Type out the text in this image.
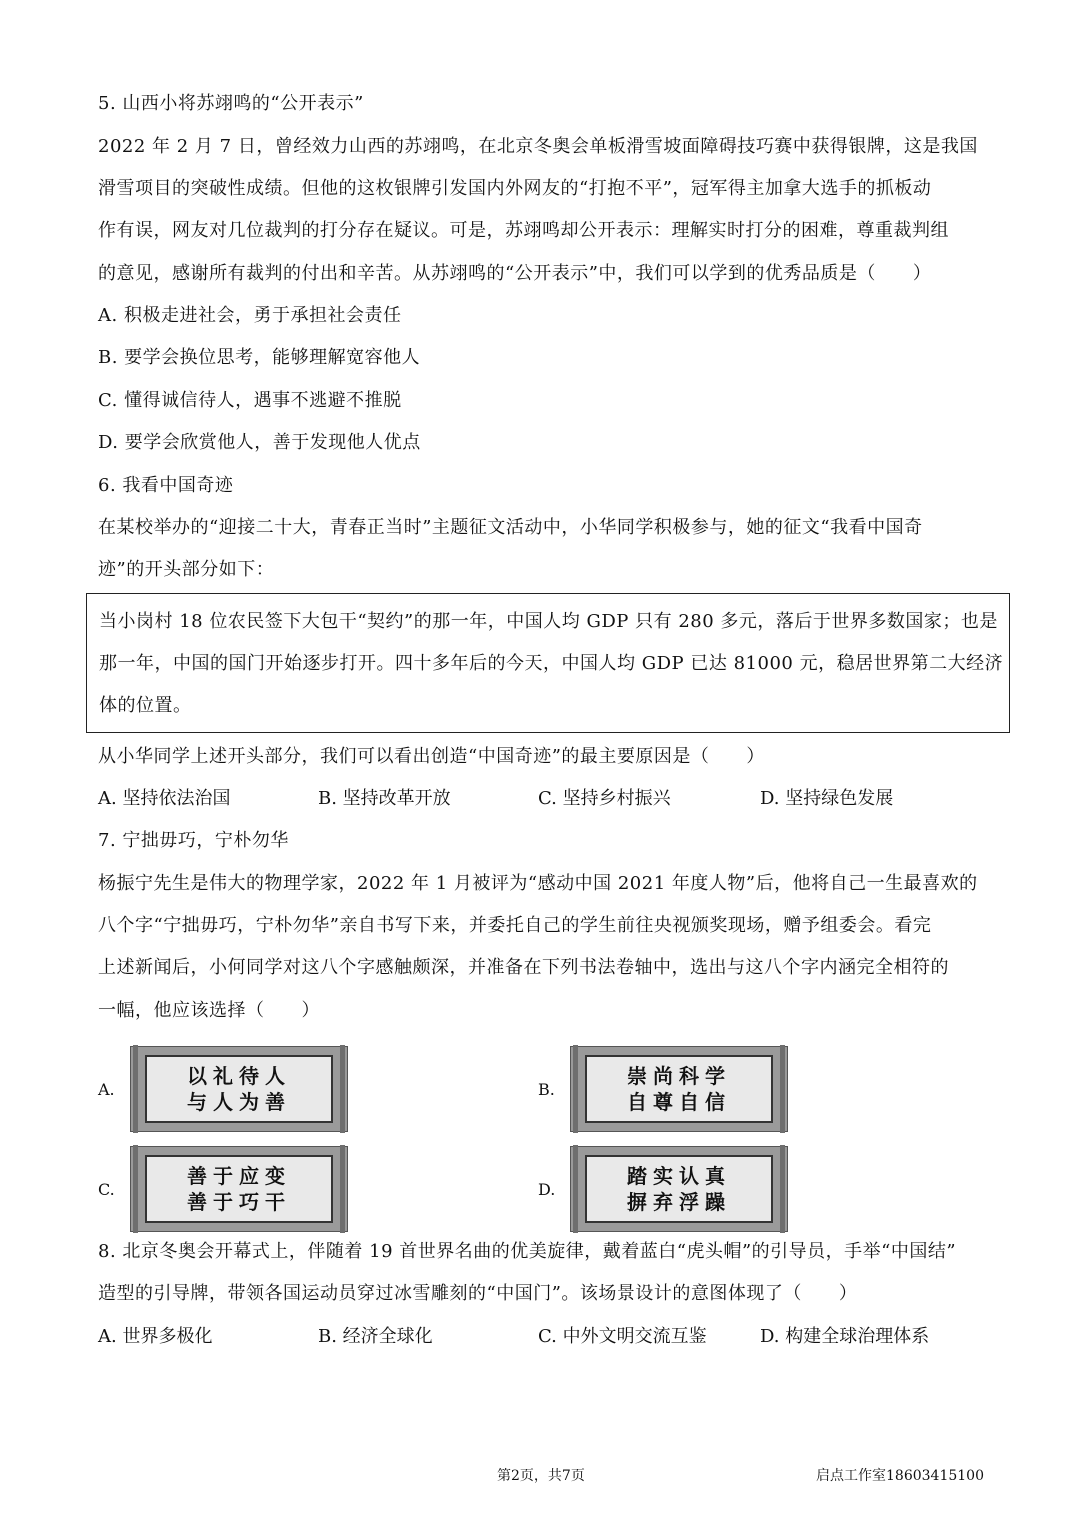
5. 山西小将苏翊鸣的“公开表示”
2022 年 2 月 7 日，曾经效力山西的苏翊鸣，在北京冬奥会单板滑雪坡面障碍技巧赛中获得银牌，这是我国
滑雪项目的突破性成绩。但他的这枚银牌引发国内外网友的“打抱不平”，冠军得主加拿大选手的抓板动
作有误，网友对几位裁判的打分存在疑议。可是，苏翊鸣却公开表示：理解实时打分的困难，尊重裁判组
的意见，感谢所有裁判的付出和辛苦。从苏翊鸣的“公开表示”中，我们可以学到的优秀品质是（　　）
A. 积极走进社会，勇于承担社会责任
B. 要学会换位思考，能够理解宽容他人
C. 懂得诚信待人，遇事不逃避不推脱
D. 要学会欣赏他人，善于发现他人优点
6. 我看中国奇迹
在某校举办的“迎接二十大，青春正当时”主题征文活动中，小华同学积极参与，她的征文“我看中国奇
迹”的开头部分如下：
当小岗村 18 位农民签下大包干“契约”的那一年，中国人均 GDP 只有 280 多元，落后于世界多数国家；也是
那一年，中国的国门开始逐步打开。四十多年后的今天，中国人均 GDP 已达 81000 元，稳居世界第二大经济
体的位置。
从小华同学上述开头部分，我们可以看出创造“中国奇迹”的最主要原因是（　　）
A. 坚持依法治国	B. 坚持改革开放	C. 坚持乡村振兴	D. 坚持绿色发展
7. 宁拙毋巧，宁朴勿华
杨振宁先生是伟大的物理学家，2022 年 1 月被评为“感动中国 2021 年度人物”后，他将自己一生最喜欢的
八个字“宁拙毋巧，宁朴勿华”亲自书写下来，并委托自己的学生前往央视颁奖现场，赠予组委会。看完
上述新闻后，小何同学对这八个字感触颇深，并准备在下列书法卷轴中，选出与这八个字内涵完全相符的
一幅，他应该选择（　　）
A.
以礼待人
与人为善
B.
崇尚科学
自尊自信
C.
善于应变
善于巧干
D.
踏实认真
摒弃浮躁
8. 北京冬奥会开幕式上，伴随着 19 首世界名曲的优美旋律，戴着蓝白“虎头帽”的引导员，手举“中国结”
造型的引导牌，带领各国运动员穿过冰雪雕刻的“中国门”。该场景设计的意图体现了（　　）
A. 世界多极化	B. 经济全球化	C. 中外文明交流互鉴	D. 构建全球治理体系
第2页，共7页	启点工作室18603415100
